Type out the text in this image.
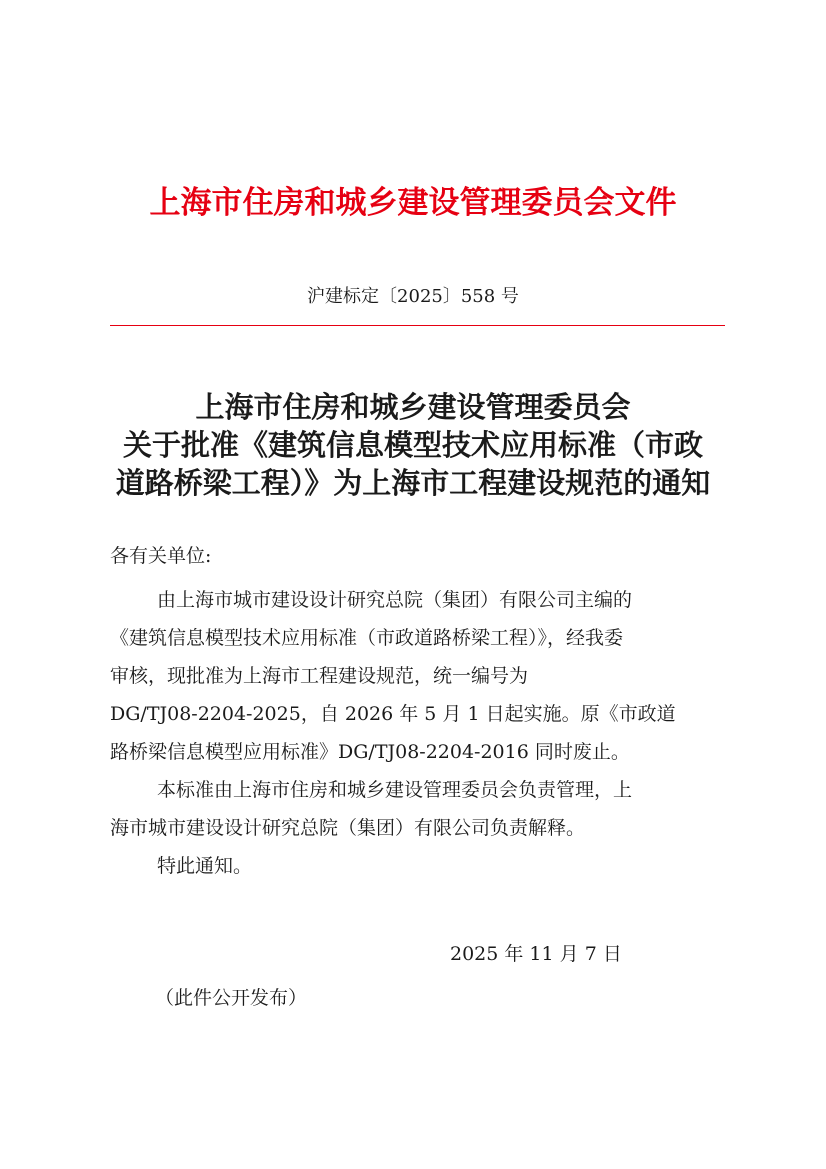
上海市住房和城乡建设管理委员会文件
沪建标定〔2025〕558 号
上海市住房和城乡建设管理委员会
关于批准《建筑信息模型技术应用标准（市政
道路桥梁工程）》为上海市工程建设规范的通知
各有关单位:
由上海市城市建设设计研究总院（集团）有限公司主编的
《建筑信息模型技术应用标准（市政道路桥梁工程）》，经我委
审核，现批准为上海市工程建设规范，统一编号为
DG/TJ08-2204-2025，自 2026 年 5 月 1 日起实施。原《市政道
路桥梁信息模型应用标准》DG/TJ08-2204-2016 同时废止。
本标准由上海市住房和城乡建设管理委员会负责管理，上
海市城市建设设计研究总院（集团）有限公司负责解释。
特此通知。
2025 年 11 月 7 日
（此件公开发布）
